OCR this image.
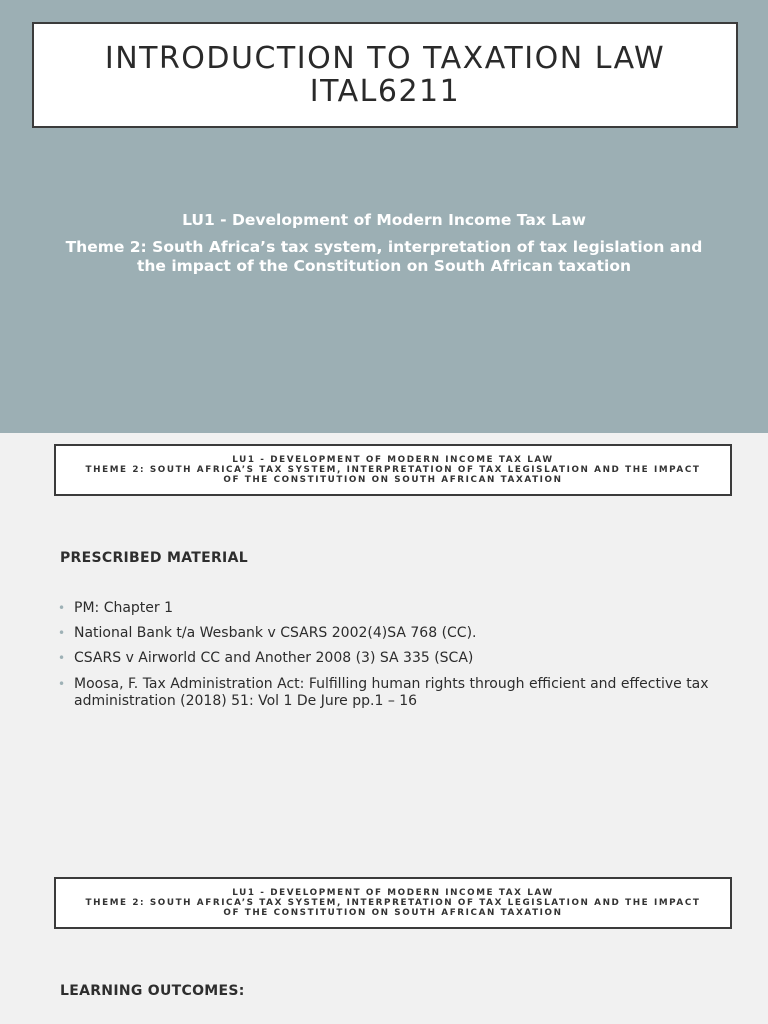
INTRODUCTION TO TAXATION LAW
ITAL6211
LU1 - Development of Modern Income Tax Law
Theme 2: South Africa’s tax system, interpretation of tax legislation and
the impact of the Constitution on South African taxation
LU1 - DEVELOPMENT OF MODERN INCOME TAX LAW
THEME 2: SOUTH AFRICA’S TAX SYSTEM, INTERPRETATION OF TAX LEGISLATION AND THE IMPACT
OF THE CONSTITUTION ON SOUTH AFRICAN TAXATION
PRESCRIBED MATERIAL
• PM: Chapter 1
• National Bank t/a Wesbank v CSARS 2002(4)SA 768 (CC).
• CSARS v Airworld CC and Another 2008 (3) SA 335 (SCA)
• Moosa, F. Tax Administration Act: Fulfilling human rights through efficient and effective tax administration (2018) 51: Vol 1 De Jure pp.1 – 16
LU1 - DEVELOPMENT OF MODERN INCOME TAX LAW
THEME 2: SOUTH AFRICA’S TAX SYSTEM, INTERPRETATION OF TAX LEGISLATION AND THE IMPACT
OF THE CONSTITUTION ON SOUTH AFRICAN TAXATION
LEARNING OUTCOMES:
